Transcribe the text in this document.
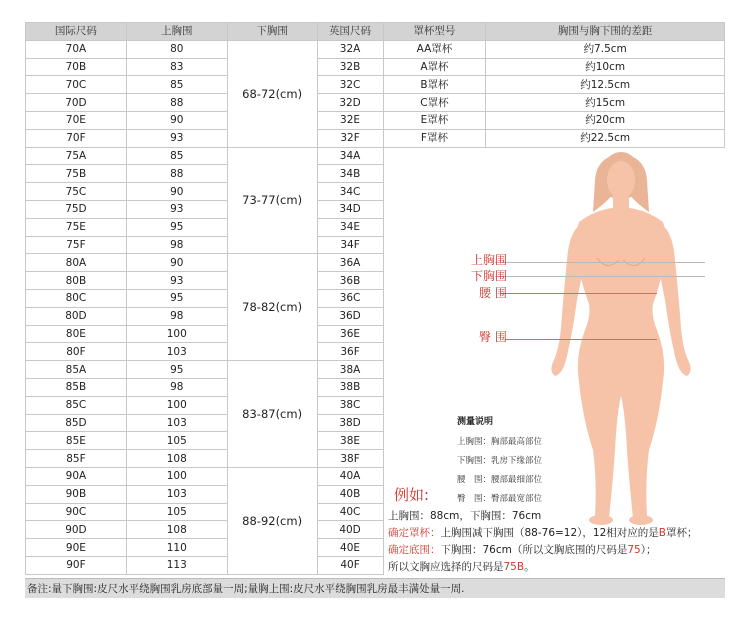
国际尺码	上胸围	下胸围	英国尺码	罩杯型号	胸围与胸下围的差距
70A	80	68-72(cm)	32A	AA罩杯	约7.5cm
70B	83		32B	A罩杯	约10cm
70C	85		32C	B罩杯	约12.5cm
70D	88		32D	C罩杯	约15cm
70E	90		32E	E罩杯	约20cm
70F	93		32F	F罩杯	约22.5cm
75A	85	73-77(cm)	34A		
75B	88		34B		
75C	90		34C		
75D	93		34D		
75E	95		34E		
75F	98		34F		
80A	90	78-82(cm)	36A		
80B	93		36B		
80C	95		36C		
80D	98		36D		
80E	100		36E		
80F	103		36F		
85A	95	83-87(cm)	38A		
85B	98		38B		
85C	100		38C		
85D	103		38D		
85E	105		38E		
85F	108		38F		
90A	100	88-92(cm)	40A		
90B	103		40B		
90C	105		40C		
90D	108		40D		
90E	110		40E		
90F	113		40F		
上胸围
下胸围
腰 围
臀 围
测量说明
上胸围：胸部最高部位
下胸围：乳房下缘部位
腰　围：腰部最细部位
臀　围：臀部最宽部位
例如:
上胸围：88cm，下胸围：76cm
确定罩杯：上胸围减下胸围（88-76=12），12相对应的是B罩杯；
确定底围：下胸围：76cm（所以文胸底围的尺码是75）；
所以文胸应选择的尺码是75B。
备注:量下胸围:皮尺水平绕胸围乳房底部量一周;量胸上围:皮尺水平绕胸围乳房最丰满处量一周.
